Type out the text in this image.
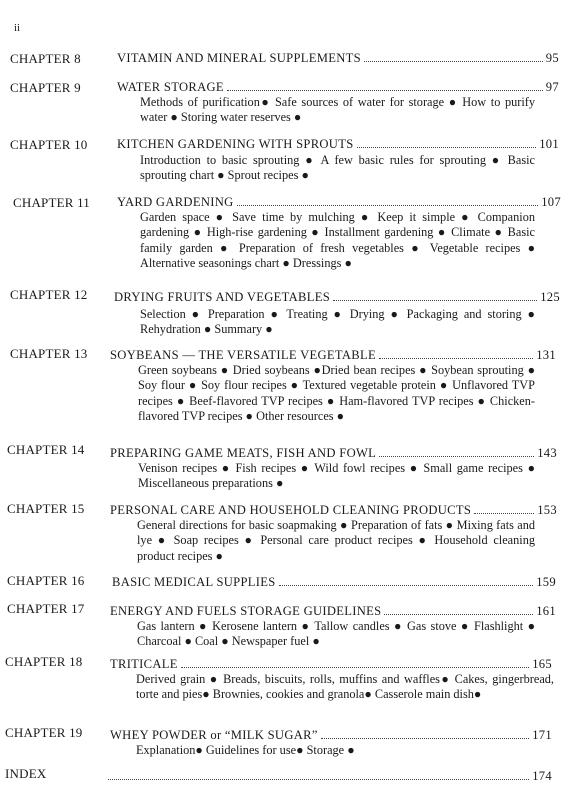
ii
CHAPTER 8	VITAMIN AND MINERAL SUPPLEMENTS	95
CHAPTER 9	WATER STORAGE	97
Methods of purification● Safe sources of water for storage ● How to purify water ● Storing water reserves ●
CHAPTER 10 KITCHEN GARDENING WITH SPROUTS	101
Introduction to basic sprouting ● A few basic rules for sprouting ● Basic sprouting chart ● Sprout recipes ●
CHAPTER 11 YARD GARDENING	107
Garden space ● Save time by mulching ● Keep it simple ● Companion gardening ● High-rise gardening ● Installment gardening ● Climate ● Basic family garden ● Preparation of fresh vegetables ● Vegetable recipes ● Alternative seasonings chart ● Dressings ●
CHAPTER 12 DRYING FRUITS AND VEGETABLES	125
Selection ● Preparation ● Treating ● Drying ● Packaging and storing ● Rehydration ● Summary ●
CHAPTER 13 SOYBEANS — THE VERSATILE VEGETABLE	131
Green soybeans ● Dried soybeans ●Dried bean recipes ● Soybean sprouting ● Soy flour ● Soy flour recipes ● Textured vegetable protein ● Unflavored TVP recipes ● Beef-flavored TVP recipes ● Ham-flavored TVP recipes ● Chicken-flavored TVP recipes ● Other resources ●
CHAPTER 14 PREPARING GAME MEATS, FISH AND FOWL	143
Venison recipes ● Fish recipes ● Wild fowl recipes ● Small game recipes ● Miscellaneous preparations ●
CHAPTER 15 PERSONAL CARE AND HOUSEHOLD CLEANING PRODUCTS	153
General directions for basic soapmaking ● Preparation of fats ● Mixing fats and lye ● Soap recipes ● Personal care product recipes ● Household cleaning product recipes ●
CHAPTER 16 BASIC MEDICAL SUPPLIES	159
CHAPTER 17 ENERGY AND FUELS STORAGE GUIDELINES	161
Gas lantern ● Kerosene lantern ● Tallow candles ● Gas stove ● Flashlight ● Charcoal ● Coal ● Newspaper fuel ●
CHAPTER 18 TRITICALE	165
Derived grain ● Breads, biscuits, rolls, muffins and waffles● Cakes, gingerbread, torte and pies● Brownies, cookies and granola● Casserole main dish●
CHAPTER 19 WHEY POWDER or “MILK SUGAR”	171
Explanation● Guidelines for use● Storage ●
INDEX	174
